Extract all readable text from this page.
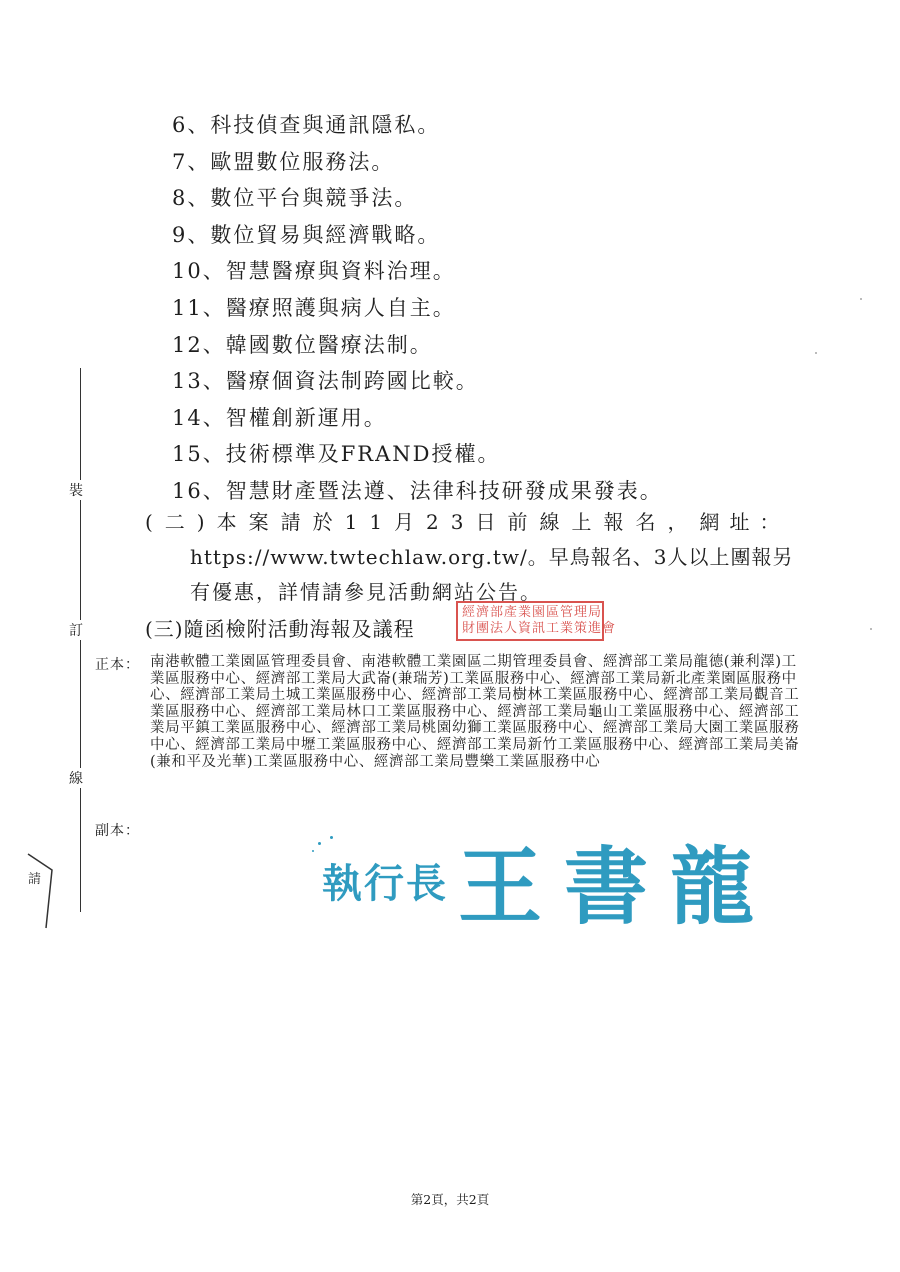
裝
訂
線
請
6、科技偵查與通訊隱私。
7、歐盟數位服務法。
8、數位平台與競爭法。
9、數位貿易與經濟戰略。
10、智慧醫療與資料治理。
11、醫療照護與病人自主。
12、韓國數位醫療法制。
13、醫療個資法制跨國比較。
14、智權創新運用。
15、技術標準及FRAND授權。
16、智慧財產暨法遵、法律科技研發成果發表。
(二)本案請於11月23日前線上報名，網址：
https://www.twtechlaw.org.tw/。早鳥報名、3人以上團報另
有優惠，詳情請參見活動網站公告。
(三)隨函檢附活動海報及議程
經濟部產業園區管理局
財團法人資訊工業策進會
正本： 南港軟體工業園區管理委員會、南港軟體工業園區二期管理委員會、經濟部工業局龍德(兼利澤)工業區服務中心、經濟部工業局大武崙(兼瑞芳)工業區服務中心、經濟部工業局新北產業園區服務中心、經濟部工業局土城工業區服務中心、經濟部工業局樹林工業區服務中心、經濟部工業局觀音工業區服務中心、經濟部工業局林口工業區服務中心、經濟部工業局龜山工業區服務中心、經濟部工業局平鎮工業區服務中心、經濟部工業局桃園幼獅工業區服務中心、經濟部工業局大園工業區服務中心、經濟部工業局中壢工業區服務中心、經濟部工業局新竹工業區服務中心、經濟部工業局美崙(兼和平及光華)工業區服務中心、經濟部工業局豐樂工業區服務中心
副本：
執行長 王書龍
第2頁，共2頁
